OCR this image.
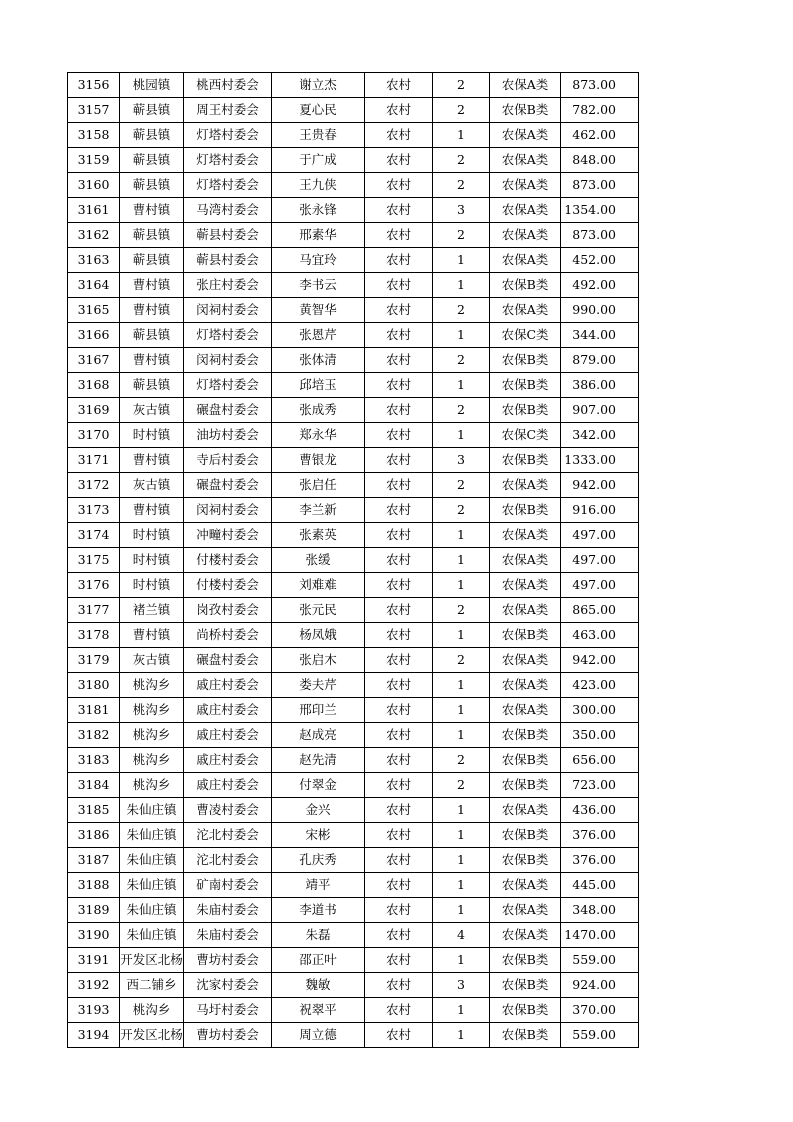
3156	桃园镇	桃西村委会	谢立杰	农村	2	农保A类	873.00
3157	蕲县镇	周王村委会	夏心民	农村	2	农保B类	782.00
3158	蕲县镇	灯塔村委会	王贵春	农村	1	农保A类	462.00
3159	蕲县镇	灯塔村委会	于广成	农村	2	农保A类	848.00
3160	蕲县镇	灯塔村委会	王九侠	农村	2	农保A类	873.00
3161	曹村镇	马湾村委会	张永锋	农村	3	农保A类	1354.00
3162	蕲县镇	蕲县村委会	邢素华	农村	2	农保A类	873.00
3163	蕲县镇	蕲县村委会	马宜玲	农村	1	农保A类	452.00
3164	曹村镇	张庄村委会	李书云	农村	1	农保B类	492.00
3165	曹村镇	闵祠村委会	黄智华	农村	2	农保A类	990.00
3166	蕲县镇	灯塔村委会	张恩芹	农村	1	农保C类	344.00
3167	曹村镇	闵祠村委会	张体清	农村	2	农保B类	879.00
3168	蕲县镇	灯塔村委会	邱培玉	农村	1	农保B类	386.00
3169	灰古镇	碾盘村委会	张成秀	农村	2	农保B类	907.00
3170	时村镇	油坊村委会	郑永华	农村	1	农保C类	342.00
3171	曹村镇	寺后村委会	曹银龙	农村	3	农保B类	1333.00
3172	灰古镇	碾盘村委会	张启任	农村	2	农保A类	942.00
3173	曹村镇	闵祠村委会	李兰新	农村	2	农保B类	916.00
3174	时村镇	冲疃村委会	张素英	农村	1	农保A类	497.00
3175	时村镇	付楼村委会	张缓	农村	1	农保A类	497.00
3176	时村镇	付楼村委会	刘难难	农村	1	农保A类	497.00
3177	褚兰镇	岗孜村委会	张元民	农村	2	农保A类	865.00
3178	曹村镇	尚桥村委会	杨凤娥	农村	1	农保B类	463.00
3179	灰古镇	碾盘村委会	张启木	农村	2	农保A类	942.00
3180	桃沟乡	戚庄村委会	娄夫芹	农村	1	农保A类	423.00
3181	桃沟乡	戚庄村委会	邢印兰	农村	1	农保A类	300.00
3182	桃沟乡	戚庄村委会	赵成亮	农村	1	农保B类	350.00
3183	桃沟乡	戚庄村委会	赵先清	农村	2	农保B类	656.00
3184	桃沟乡	戚庄村委会	付翠金	农村	2	农保B类	723.00
3185	朱仙庄镇	曹凌村委会	金兴	农村	1	农保A类	436.00
3186	朱仙庄镇	沱北村委会	宋彬	农村	1	农保B类	376.00
3187	朱仙庄镇	沱北村委会	孔庆秀	农村	1	农保B类	376.00
3188	朱仙庄镇	矿南村委会	靖平	农村	1	农保A类	445.00
3189	朱仙庄镇	朱庙村委会	李道书	农村	1	农保A类	348.00
3190	朱仙庄镇	朱庙村委会	朱磊	农村	4	农保A类	1470.00
3191	开发区北杨	曹坊村委会	邵正叶	农村	1	农保B类	559.00
3192	西二铺乡	沈家村委会	魏敏	农村	3	农保B类	924.00
3193	桃沟乡	马圩村委会	祝翠平	农村	1	农保B类	370.00
3194	开发区北杨	曹坊村委会	周立德	农村	1	农保B类	559.00
